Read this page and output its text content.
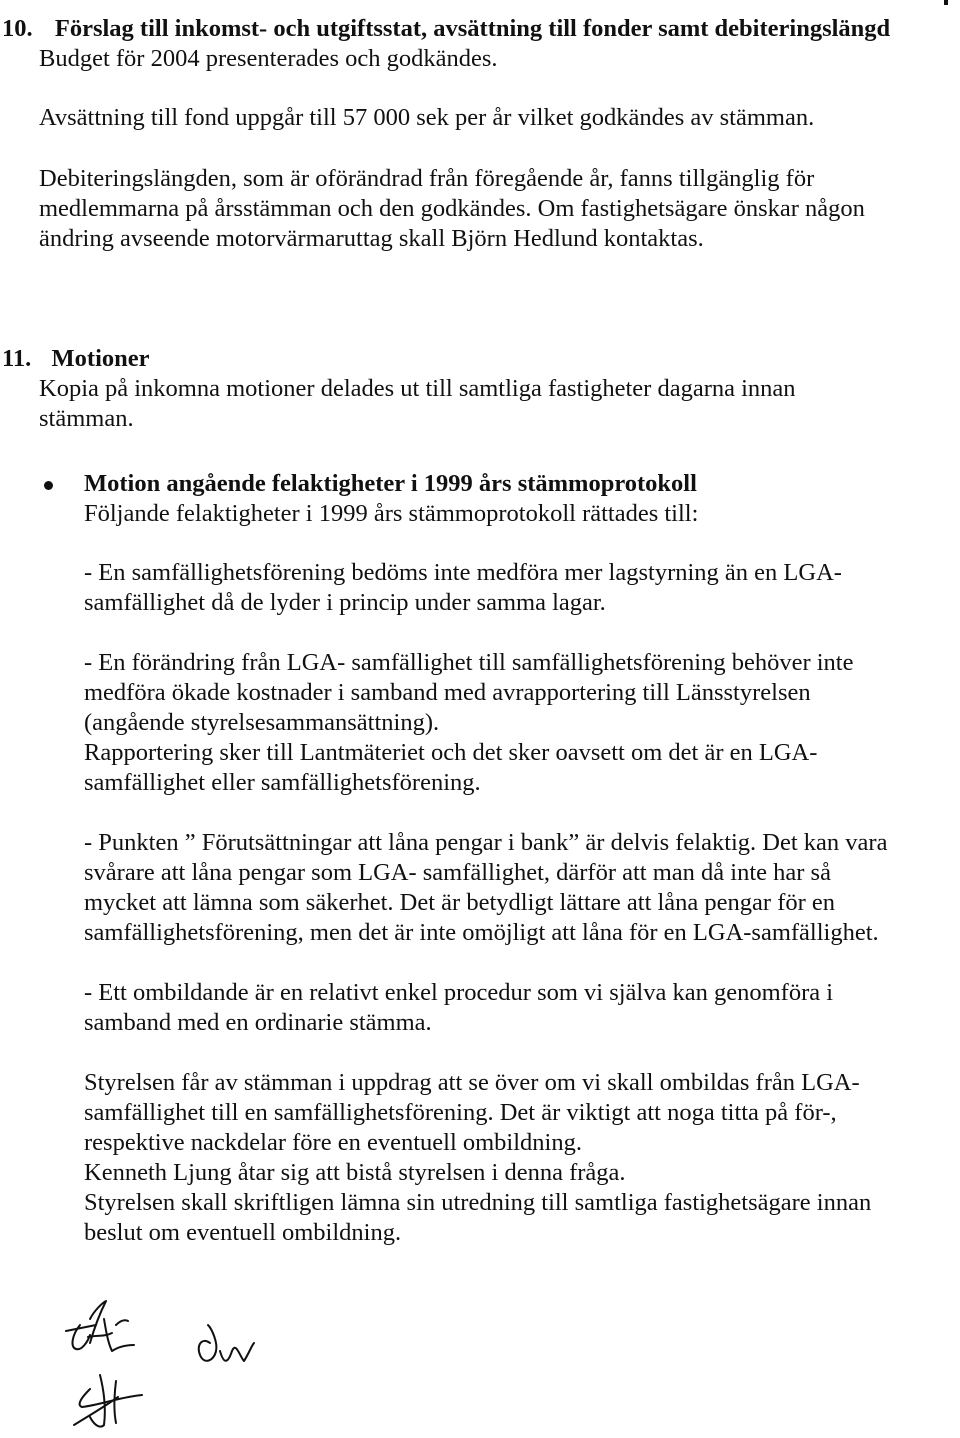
10. Förslag till inkomst- och utgiftsstat, avsättning till fonder samt debiteringslängd
Budget för 2004 presenterades och godkändes.
Avsättning till fond uppgår till 57 000 sek per år vilket godkändes av stämman.
Debiteringslängden, som är oförändrad från föregående år, fanns tillgänglig för
medlemmarna på årsstämman och den godkändes. Om fastighetsägare önskar någon
ändring avseende motorvärmaruttag skall Björn Hedlund kontaktas.
11. Motioner
Kopia på inkomna motioner delades ut till samtliga fastigheter dagarna innan
stämman.
Motion angående felaktigheter i 1999 års stämmoprotokoll
Följande felaktigheter i 1999 års stämmoprotokoll rättades till:
- En samfällighetsförening bedöms inte medföra mer lagstyrning än en LGA-
samfällighet då de lyder i princip under samma lagar.
- En förändring från LGA- samfällighet till samfällighetsförening behöver inte
medföra ökade kostnader i samband med avrapportering till Länsstyrelsen
(angående styrelsesammansättning).
Rapportering sker till Lantmäteriet och det sker oavsett om det är en LGA-
samfällighet eller samfällighetsförening.
- Punkten ” Förutsättningar att låna pengar i bank” är delvis felaktig. Det kan vara
svårare att låna pengar som LGA- samfällighet, därför att man då inte har så
mycket att lämna som säkerhet. Det är betydligt lättare att låna pengar för en
samfällighetsförening, men det är inte omöjligt att låna för en LGA-samfällighet.
- Ett ombildande är en relativt enkel procedur som vi själva kan genomföra i
samband med en ordinarie stämma.
Styrelsen får av stämman i uppdrag att se över om vi skall ombildas från LGA-
samfällighet till en samfällighetsförening. Det är viktigt att noga titta på för-,
respektive nackdelar före en eventuell ombildning.
Kenneth Ljung åtar sig att bistå styrelsen i denna fråga.
Styrelsen skall skriftligen lämna sin utredning till samtliga fastighetsägare innan
beslut om eventuell ombildning.
